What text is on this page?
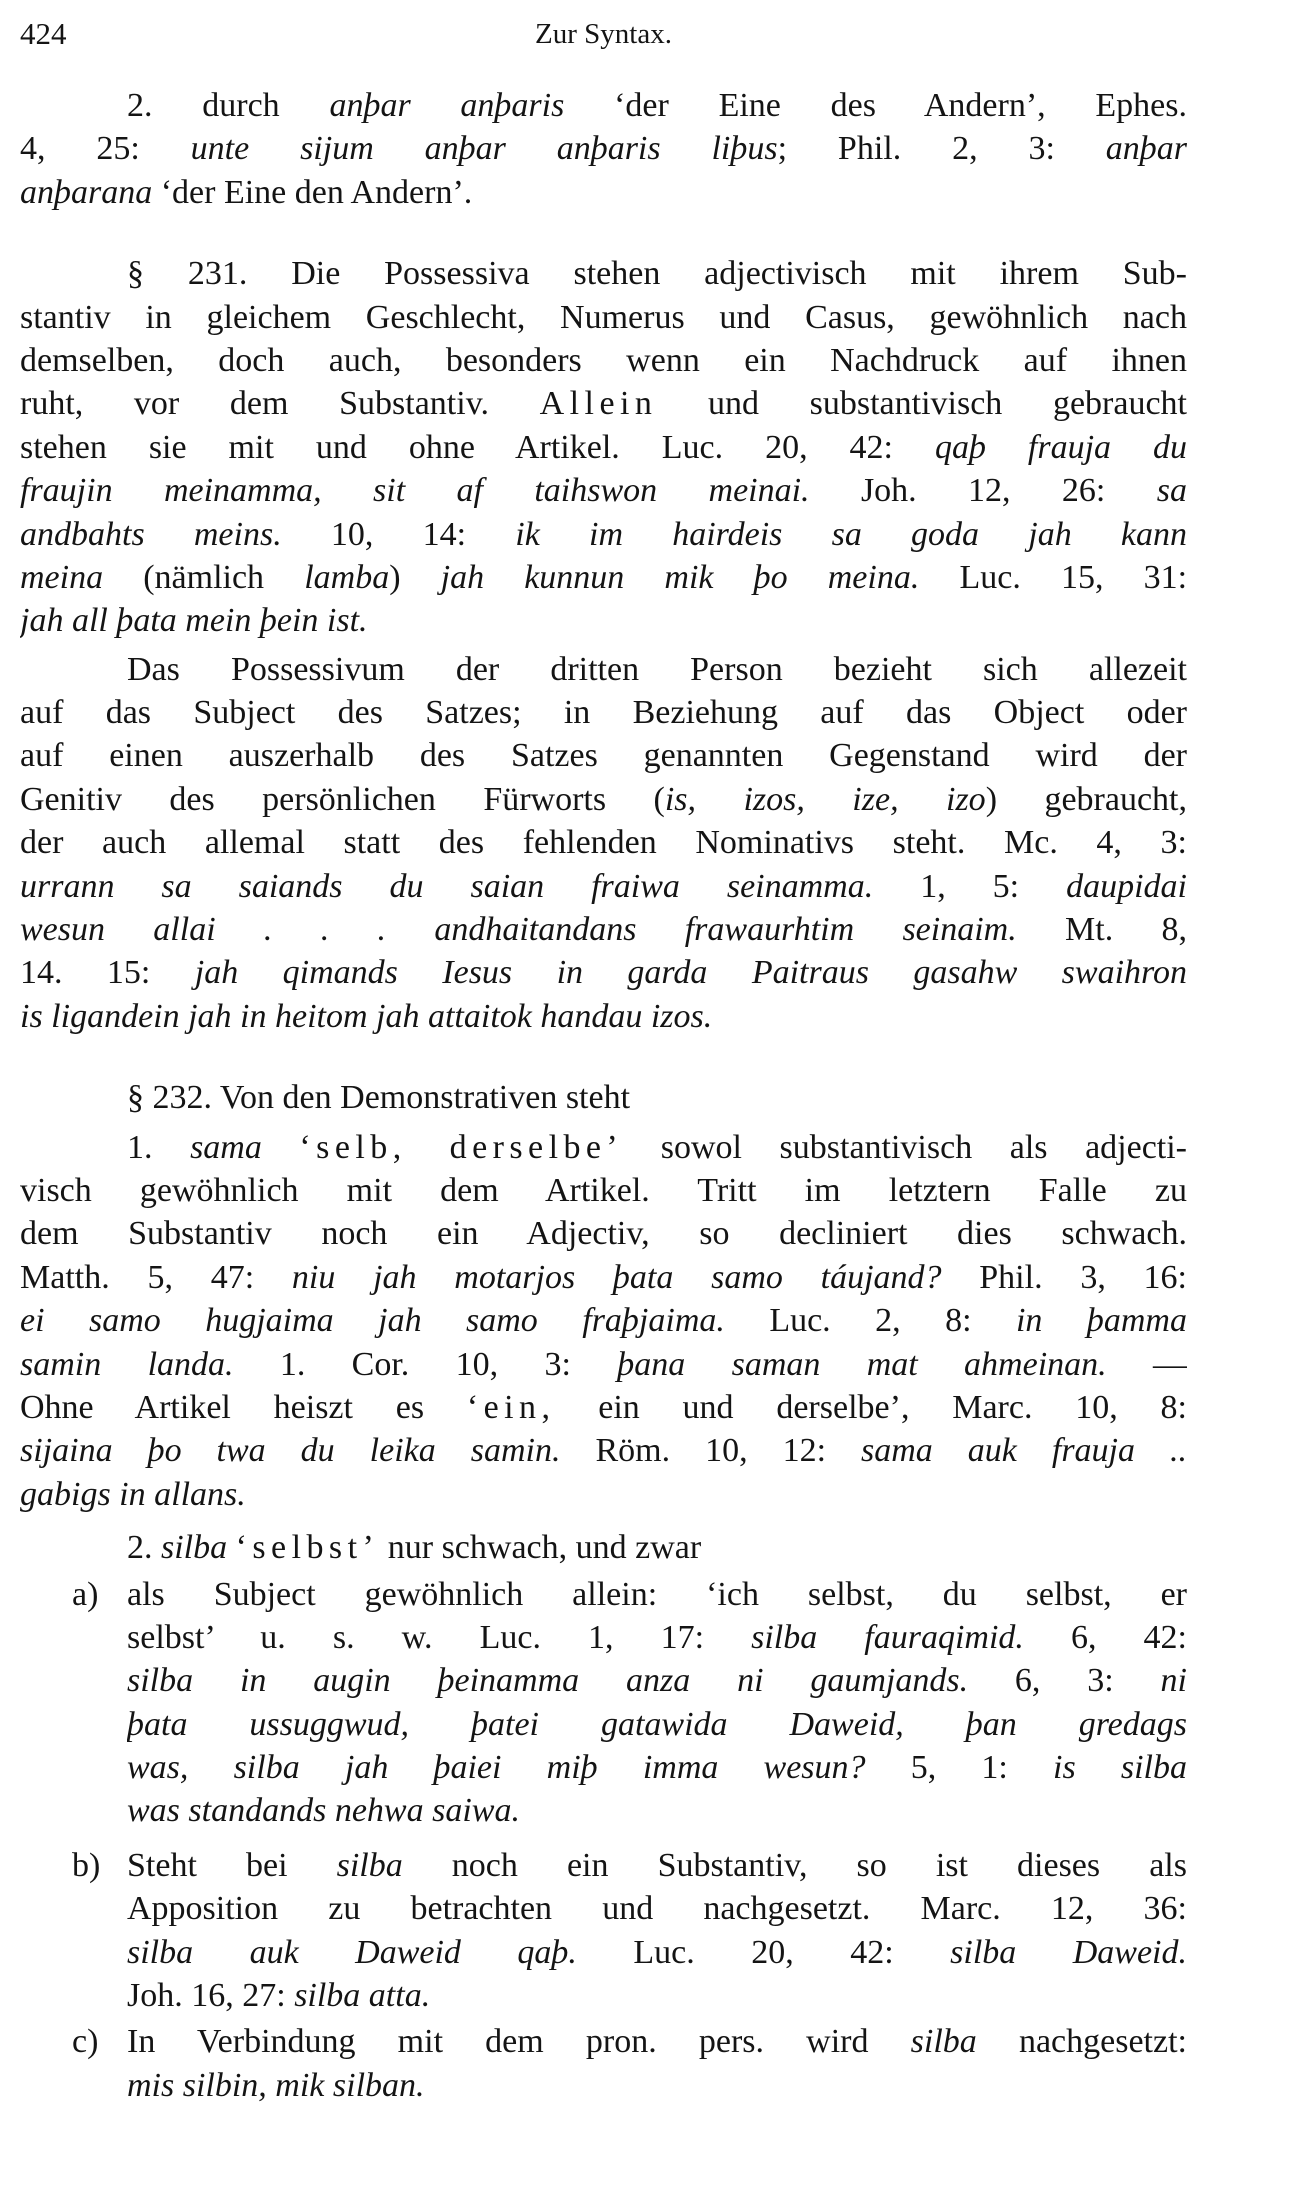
424	Zur Syntax.
2. durch anþar anþaris ‘der Eine des Andern’, Ephes.
4, 25: unte sijum anþar anþaris liþus; Phil. 2, 3: anþar
anþarana ‘der Eine den Andern’.
§ 231. Die Possessiva stehen adjectivisch mit ihrem Sub-
stantiv in gleichem Geschlecht, Numerus und Casus, gewöhnlich nach
demselben, doch auch, besonders wenn ein Nachdruck auf ihnen
ruht, vor dem Substantiv. Allein und substantivisch gebraucht
stehen sie mit und ohne Artikel. Luc. 20, 42: qaþ frauja du
fraujin meinamma, sit af taihswon meinai. Joh. 12, 26: sa
andbahts meins. 10, 14: ik im hairdeis sa goda jah kann
meina (nämlich lamba) jah kunnun mik þo meina. Luc. 15, 31:
jah all þata mein þein ist.
Das Possessivum der dritten Person bezieht sich allezeit
auf das Subject des Satzes; in Beziehung auf das Object oder
auf einen auszerhalb des Satzes genannten Gegenstand wird der
Genitiv des persönlichen Fürworts (is, izos, ize, izo) gebraucht,
der auch allemal statt des fehlenden Nominativs steht. Mc. 4, 3:
urrann sa saiands du saian fraiwa seinamma. 1, 5: daupidai
wesun allai . . . andhaitandans frawaurhtim seinaim. Mt. 8,
14. 15: jah qimands Iesus in garda Paitraus gasahw swaihron
is ligandein jah in heitom jah attaitok handau izos.
§ 232. Von den Demonstrativen steht
1. sama ‘selb, derselbe’ sowol substantivisch als adjecti-
visch gewöhnlich mit dem Artikel. Tritt im letztern Falle zu
dem Substantiv noch ein Adjectiv, so decliniert dies schwach.
Matth. 5, 47: niu jah motarjos þata samo táujand? Phil. 3, 16:
ei samo hugjaima jah samo fraþjaima. Luc. 2, 8: in þamma
samin landa. 1. Cor. 10, 3: þana saman mat ahmeinan. —
Ohne Artikel heiszt es ‘ein, ein und derselbe’, Marc. 10, 8:
sijaina þo twa du leika samin. Röm. 10, 12: sama auk frauja ..
gabigs in allans.
2. silba ‘selbst’ nur schwach, und zwar
a) als Subject gewöhnlich allein: ‘ich selbst, du selbst, er
selbst’ u. s. w. Luc. 1, 17: silba fauraqimid. 6, 42:
silba in augin þeinamma anza ni gaumjands. 6, 3: ni
þata ussuggwud, þatei gatawida Daweid, þan gredags
was, silba jah þaiei miþ imma wesun? 5, 1: is silba
was standands nehwa saiwa.
b) Steht bei silba noch ein Substantiv, so ist dieses als
Apposition zu betrachten und nachgesetzt. Marc. 12, 36:
silba auk Daweid qaþ. Luc. 20, 42: silba Daweid.
Joh. 16, 27: silba atta.
c) In Verbindung mit dem pron. pers. wird silba nachgesetzt:
mis silbin, mik silban.
